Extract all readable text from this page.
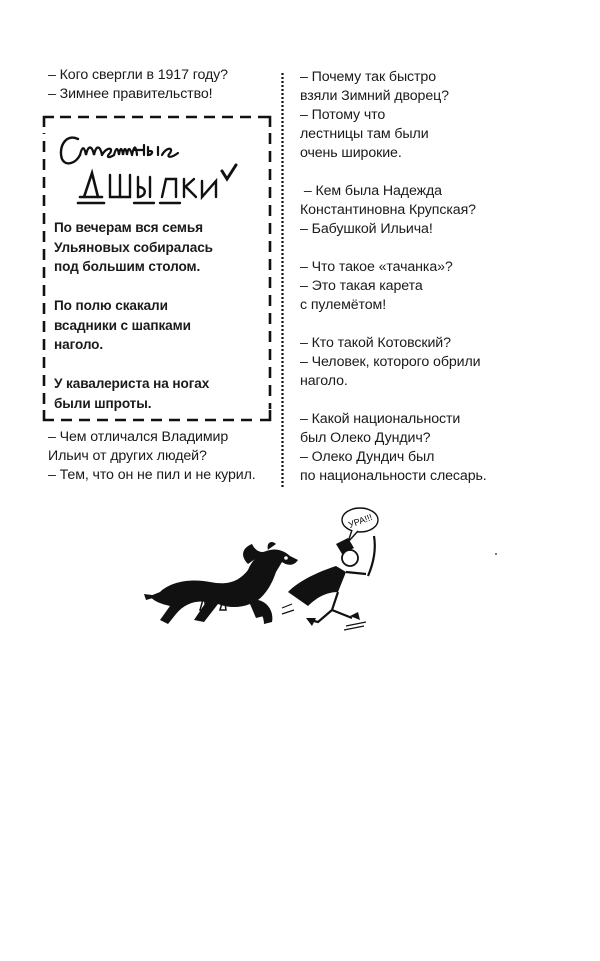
– Кого свергли в 1917 году?
– Зимнее правительство!
По вечерам вся семья
Ульяновых собиралась
под большим столом.
По полю скакали
всадники с шапками
наголо.
У кавалериста на ногах
были шпроты.
– Чем отличался Владимир
Ильич от других людей?
– Тем, что он не пил и не курил.
– Почему так быстро
взяли Зимний дворец?
– Потому что
лестницы там были
очень широкие.
– Кем была Надежда
Константиновна Крупская?
– Бабушкой Ильича!
– Что такое «тачанка»?
– Это такая карета
с пулемётом!
– Кто такой Котовский?
– Человек, которого обрили
наголо.
– Какой национальности
был Олеко Дундич?
– Олеко Дундич был
по национальности слесарь.
УРА!!!
